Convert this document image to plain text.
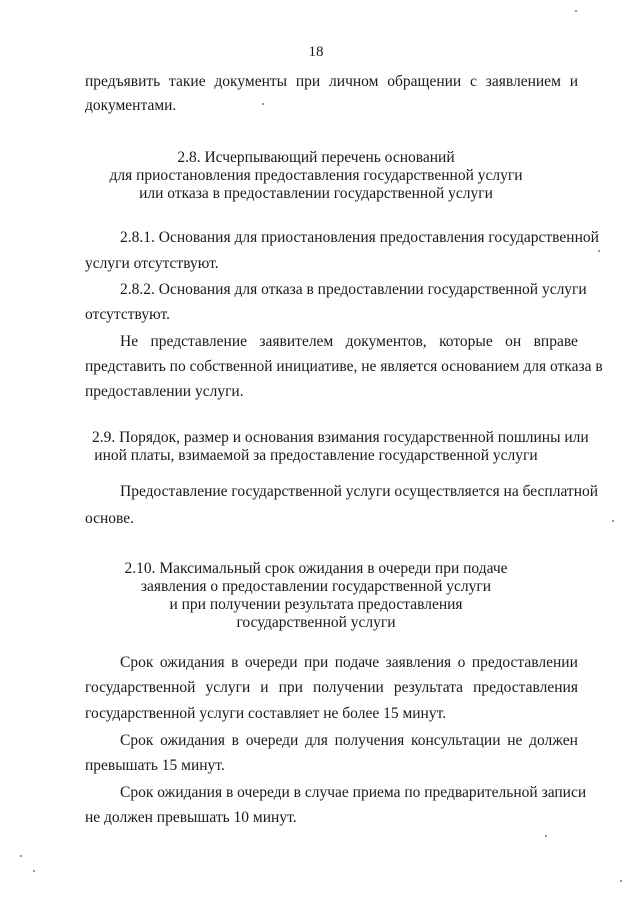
18
предъявить такие документы при личном обращении с заявлением и
документами.
2.8. Исчерпывающий перечень оснований
для приостановления предоставления государственной услуги
или отказа в предоставлении государственной услуги
2.8.1. Основания для приостановления предоставления государственной
услуги отсутствуют.
2.8.2. Основания для отказа в предоставлении государственной услуги
отсутствуют.
Не представление заявителем документов, которые он вправе
представить по собственной инициативе, не является основанием для отказа в
предоставлении услуги.
2.9. Порядок, размер и основания взимания государственной пошлины или
иной платы, взимаемой за предоставление государственной услуги
Предоставление государственной услуги осуществляется на бесплатной
основе.
2.10. Максимальный срок ожидания в очереди при подаче
заявления о предоставлении государственной услуги
и при получении результата предоставления
государственной услуги
Срок ожидания в очереди при подаче заявления о предоставлении
государственной услуги и при получении результата предоставления
государственной услуги составляет не более 15 минут.
Срок ожидания в очереди для получения консультации не должен
превышать 15 минут.
Срок ожидания в очереди в случае приема по предварительной записи
не должен превышать 10 минут.
